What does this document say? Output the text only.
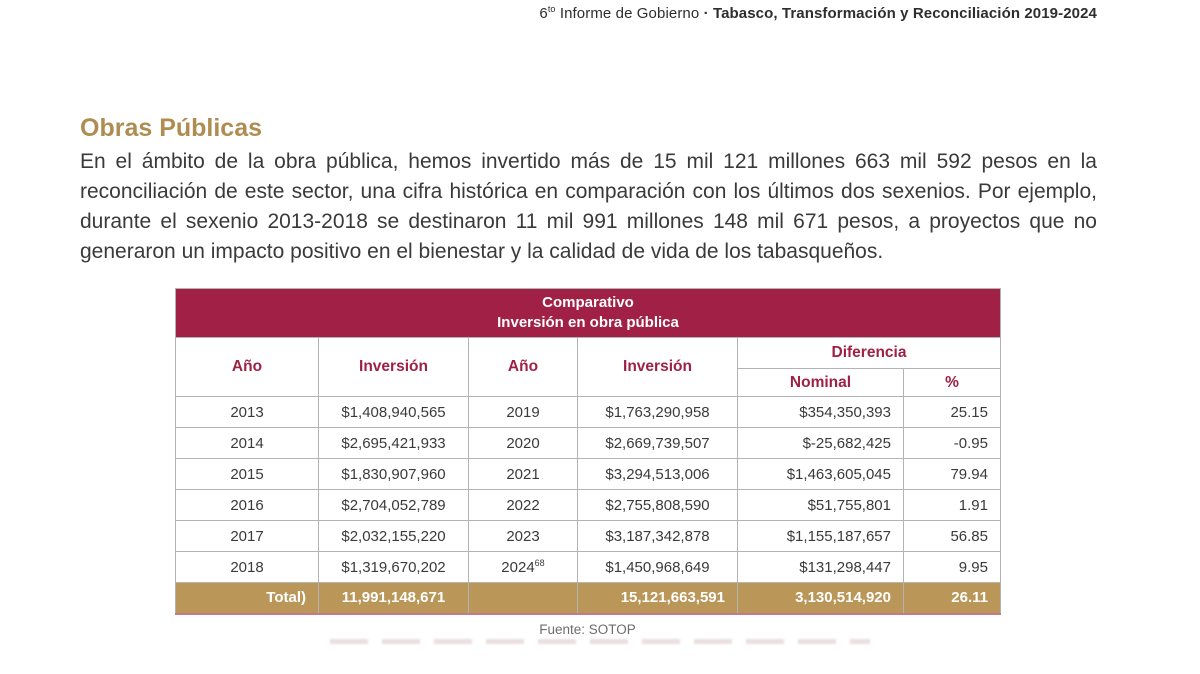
$6^{to}$ Informe de Gobierno · Tabasco, Transformación y Reconciliación 2019-2024
Obras Públicas

En el ámbito de la obra pública, hemos invertido más de 15 mil 121 millones 663 mil 592 pesos en la reconciliación de este sector, una cifra histórica en comparación con los últimos dos sexenios. Por ejemplo, durante el sexenio 2013-2018 se destinaron 11 mil 991 millones 148 mil 671 pesos, a proyectos que no generaron un impacto positivo en el bienestar y la calidad de vida de los tabasqueños.

Comparativo
Inversión en obra pública					

Año	Inversión	Año	Inversión	Diferencia	
				Nominal	%
2013	$1,408,940,565	2019	$1,763,290,958	$354,350,393	25.15
2014	$2,695,421,933	2020	$2,669,739,507	$-25,682,425	-0.95
2015	$1,830,907,960	2021	$3,294,513,006	$1,463,605,045	79.94
2016	$2,704,052,789	2022	$2,755,808,590	$51,755,801	1.91
2017	$2,032,155,220	2023	$3,187,342,878	$1,155,187,657	56.85
2018	$1,319,670,202	2024$^{68}$	$1,450,968,649	$131,298,447	9.95
Total)	11,991,148,671		15,121,663,591	3,130,514,920	26.11
Fuente: SOTOP
